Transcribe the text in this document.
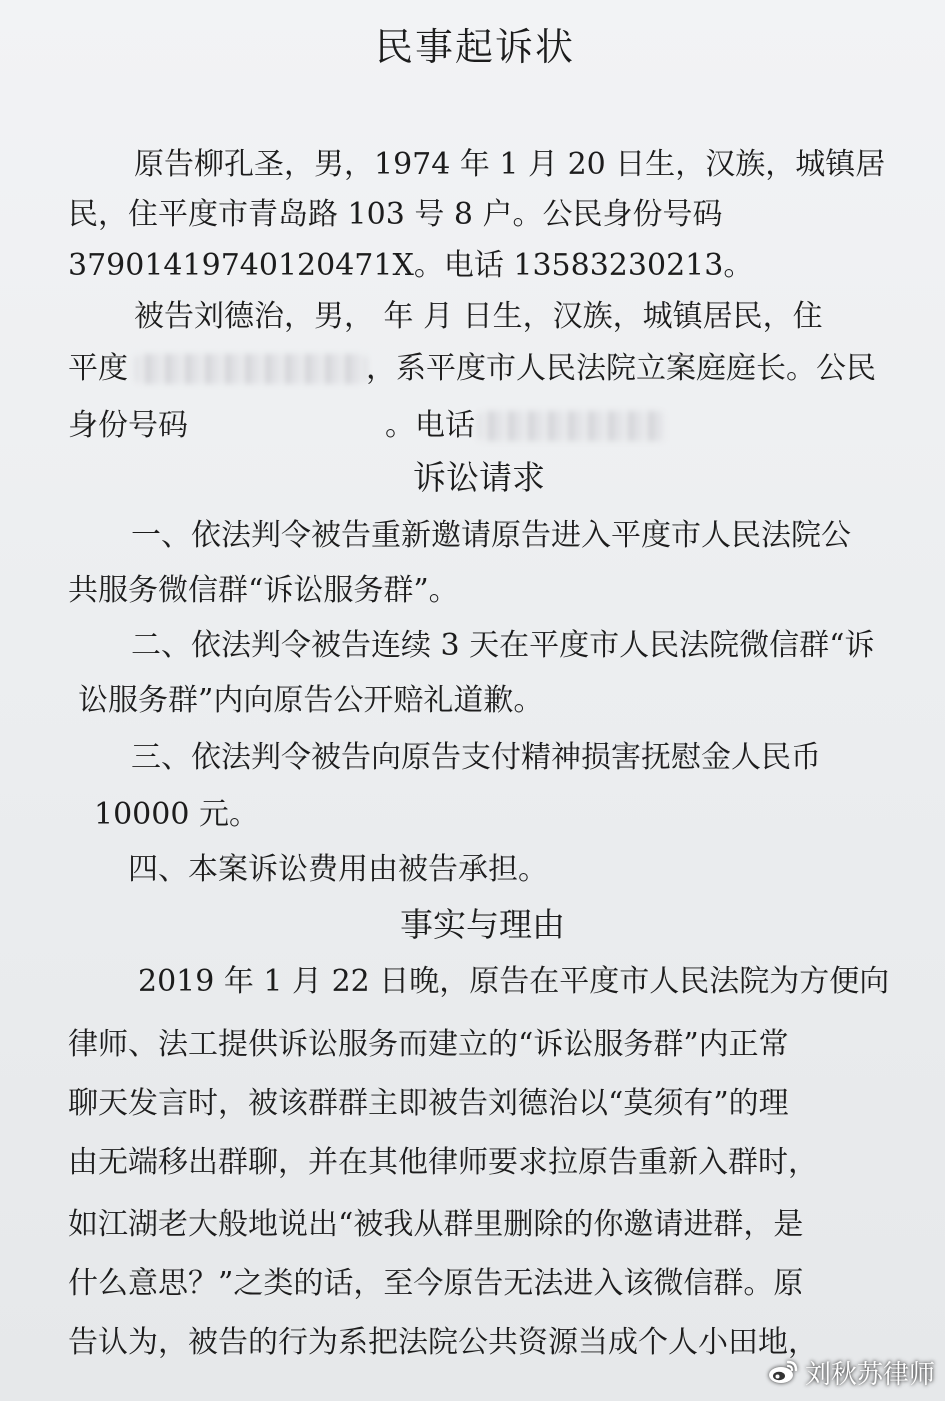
民事起诉状
原告柳孔圣，男，1974 年 1 月 20 日生，汉族，城镇居
民，住平度市青岛路 103 号 8 户。公民身份号码
37901419740120471X。电话 13583230213。
被告刘德治，男， 年 月 日生，汉族，城镇居民，住
平度	，系平度市人民法院立案庭庭长。公民
身份号码	。电话
诉讼请求
一、依法判令被告重新邀请原告进入平度市人民法院公
共服务微信群“诉讼服务群”。
二、依法判令被告连续 3 天在平度市人民法院微信群“诉
讼服务群”内向原告公开赔礼道歉。
三、依法判令被告向原告支付精神损害抚慰金人民币
10000 元。
四、本案诉讼费用由被告承担。
事实与理由
2019 年 1 月 22 日晚，原告在平度市人民法院为方便向
律师、法工提供诉讼服务而建立的“诉讼服务群”内正常
聊天发言时，被该群群主即被告刘德治以“莫须有”的理
由无端移出群聊，并在其他律师要求拉原告重新入群时，
如江湖老大般地说出“被我从群里删除的你邀请进群，是
什么意思？”之类的话，至今原告无法进入该微信群。原
告认为，被告的行为系把法院公共资源当成个人小田地，
刘秋苏律师
